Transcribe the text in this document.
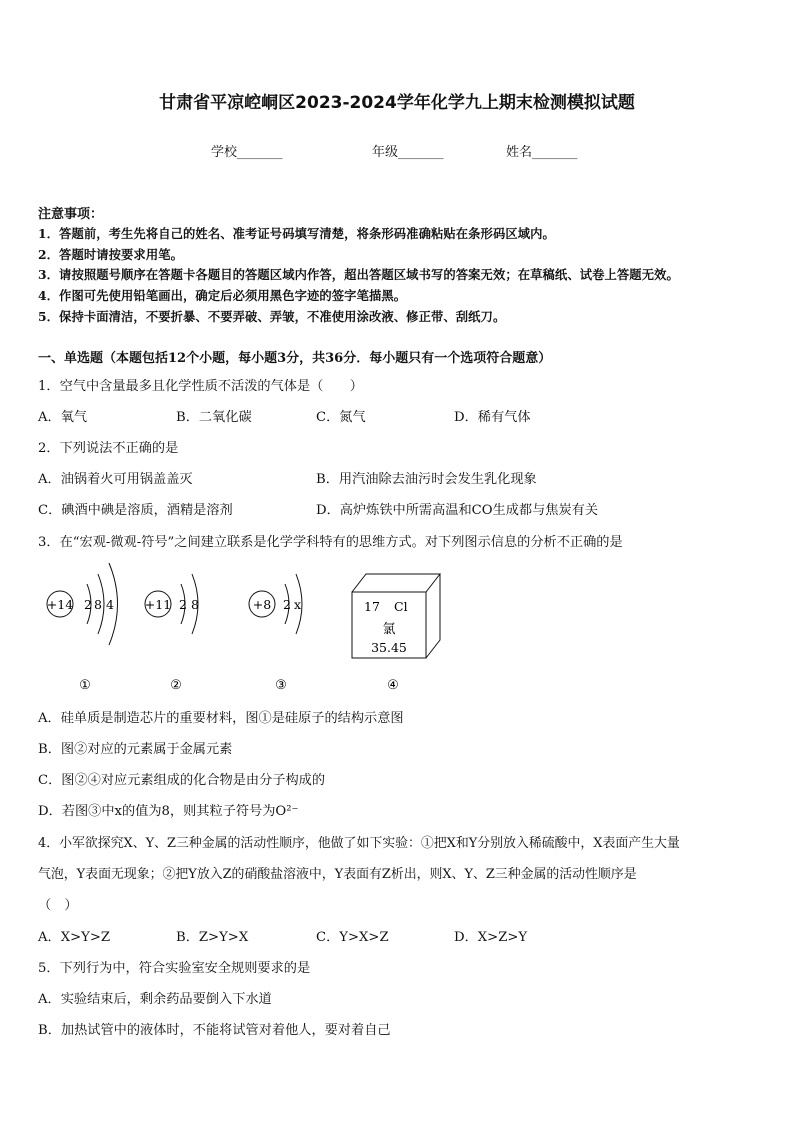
甘肃省平凉崆峒区2023-2024学年化学九上期末检测模拟试题
学校_______	年级_______	姓名_______
注意事项：
1．答题前，考生先将自己的姓名、准考证号码填写清楚，将条形码准确粘贴在条形码区域内。
2．答题时请按要求用笔。
3．请按照题号顺序在答题卡各题目的答题区域内作答，超出答题区域书写的答案无效；在草稿纸、试卷上答题无效。
4．作图可先使用铅笔画出，确定后必须用黑色字迹的签字笔描黑。
5．保持卡面清洁，不要折暴、不要弄破、弄皱，不准使用涂改液、修正带、刮纸刀。
一、单选题（本题包括12个小题，每小题3分，共36分．每小题只有一个选项符合题意）
1．空气中含量最多且化学性质不活泼的气体是（　　）
A．氧气	B．二氧化碳	C．氮气	D．稀有气体
2．下列说法不正确的是
A．油锅着火可用锅盖盖灭	B．用汽油除去油污时会发生乳化现象
C．碘酒中碘是溶质，酒精是溶剂	D．高炉炼铁中所需高温和CO生成都与焦炭有关
3．在“宏观-微观-符号”之间建立联系是化学学科特有的思维方式。对下列图示信息的分析不正确的是
+14 2 8 4 +11 2 8	+8 2 x	17 Cl
氯
35.45
①	②	③	④
A．硅单质是制造芯片的重要材料，图①是硅原子的结构示意图
B．图②对应的元素属于金属元素
C．图②④对应元素组成的化合物是由分子构成的
D．若图③中x的值为8，则其粒子符号为O²⁻
4．小军欲探究X、Y、Z三种金属的活动性顺序，他做了如下实验：①把X和Y分别放入稀硫酸中，X表面产生大量
气泡，Y表面无现象；②把Y放入Z的硝酸盐溶液中，Y表面有Z析出，则X、Y、Z三种金属的活动性顺序是
（　）
A．X>Y>Z	B．Z>Y>X	C．Y>X>Z	D．X>Z>Y
5．下列行为中，符合实验室安全规则要求的是
A．实验结束后，剩余药品要倒入下水道
B．加热试管中的液体时，不能将试管对着他人，要对着自己
